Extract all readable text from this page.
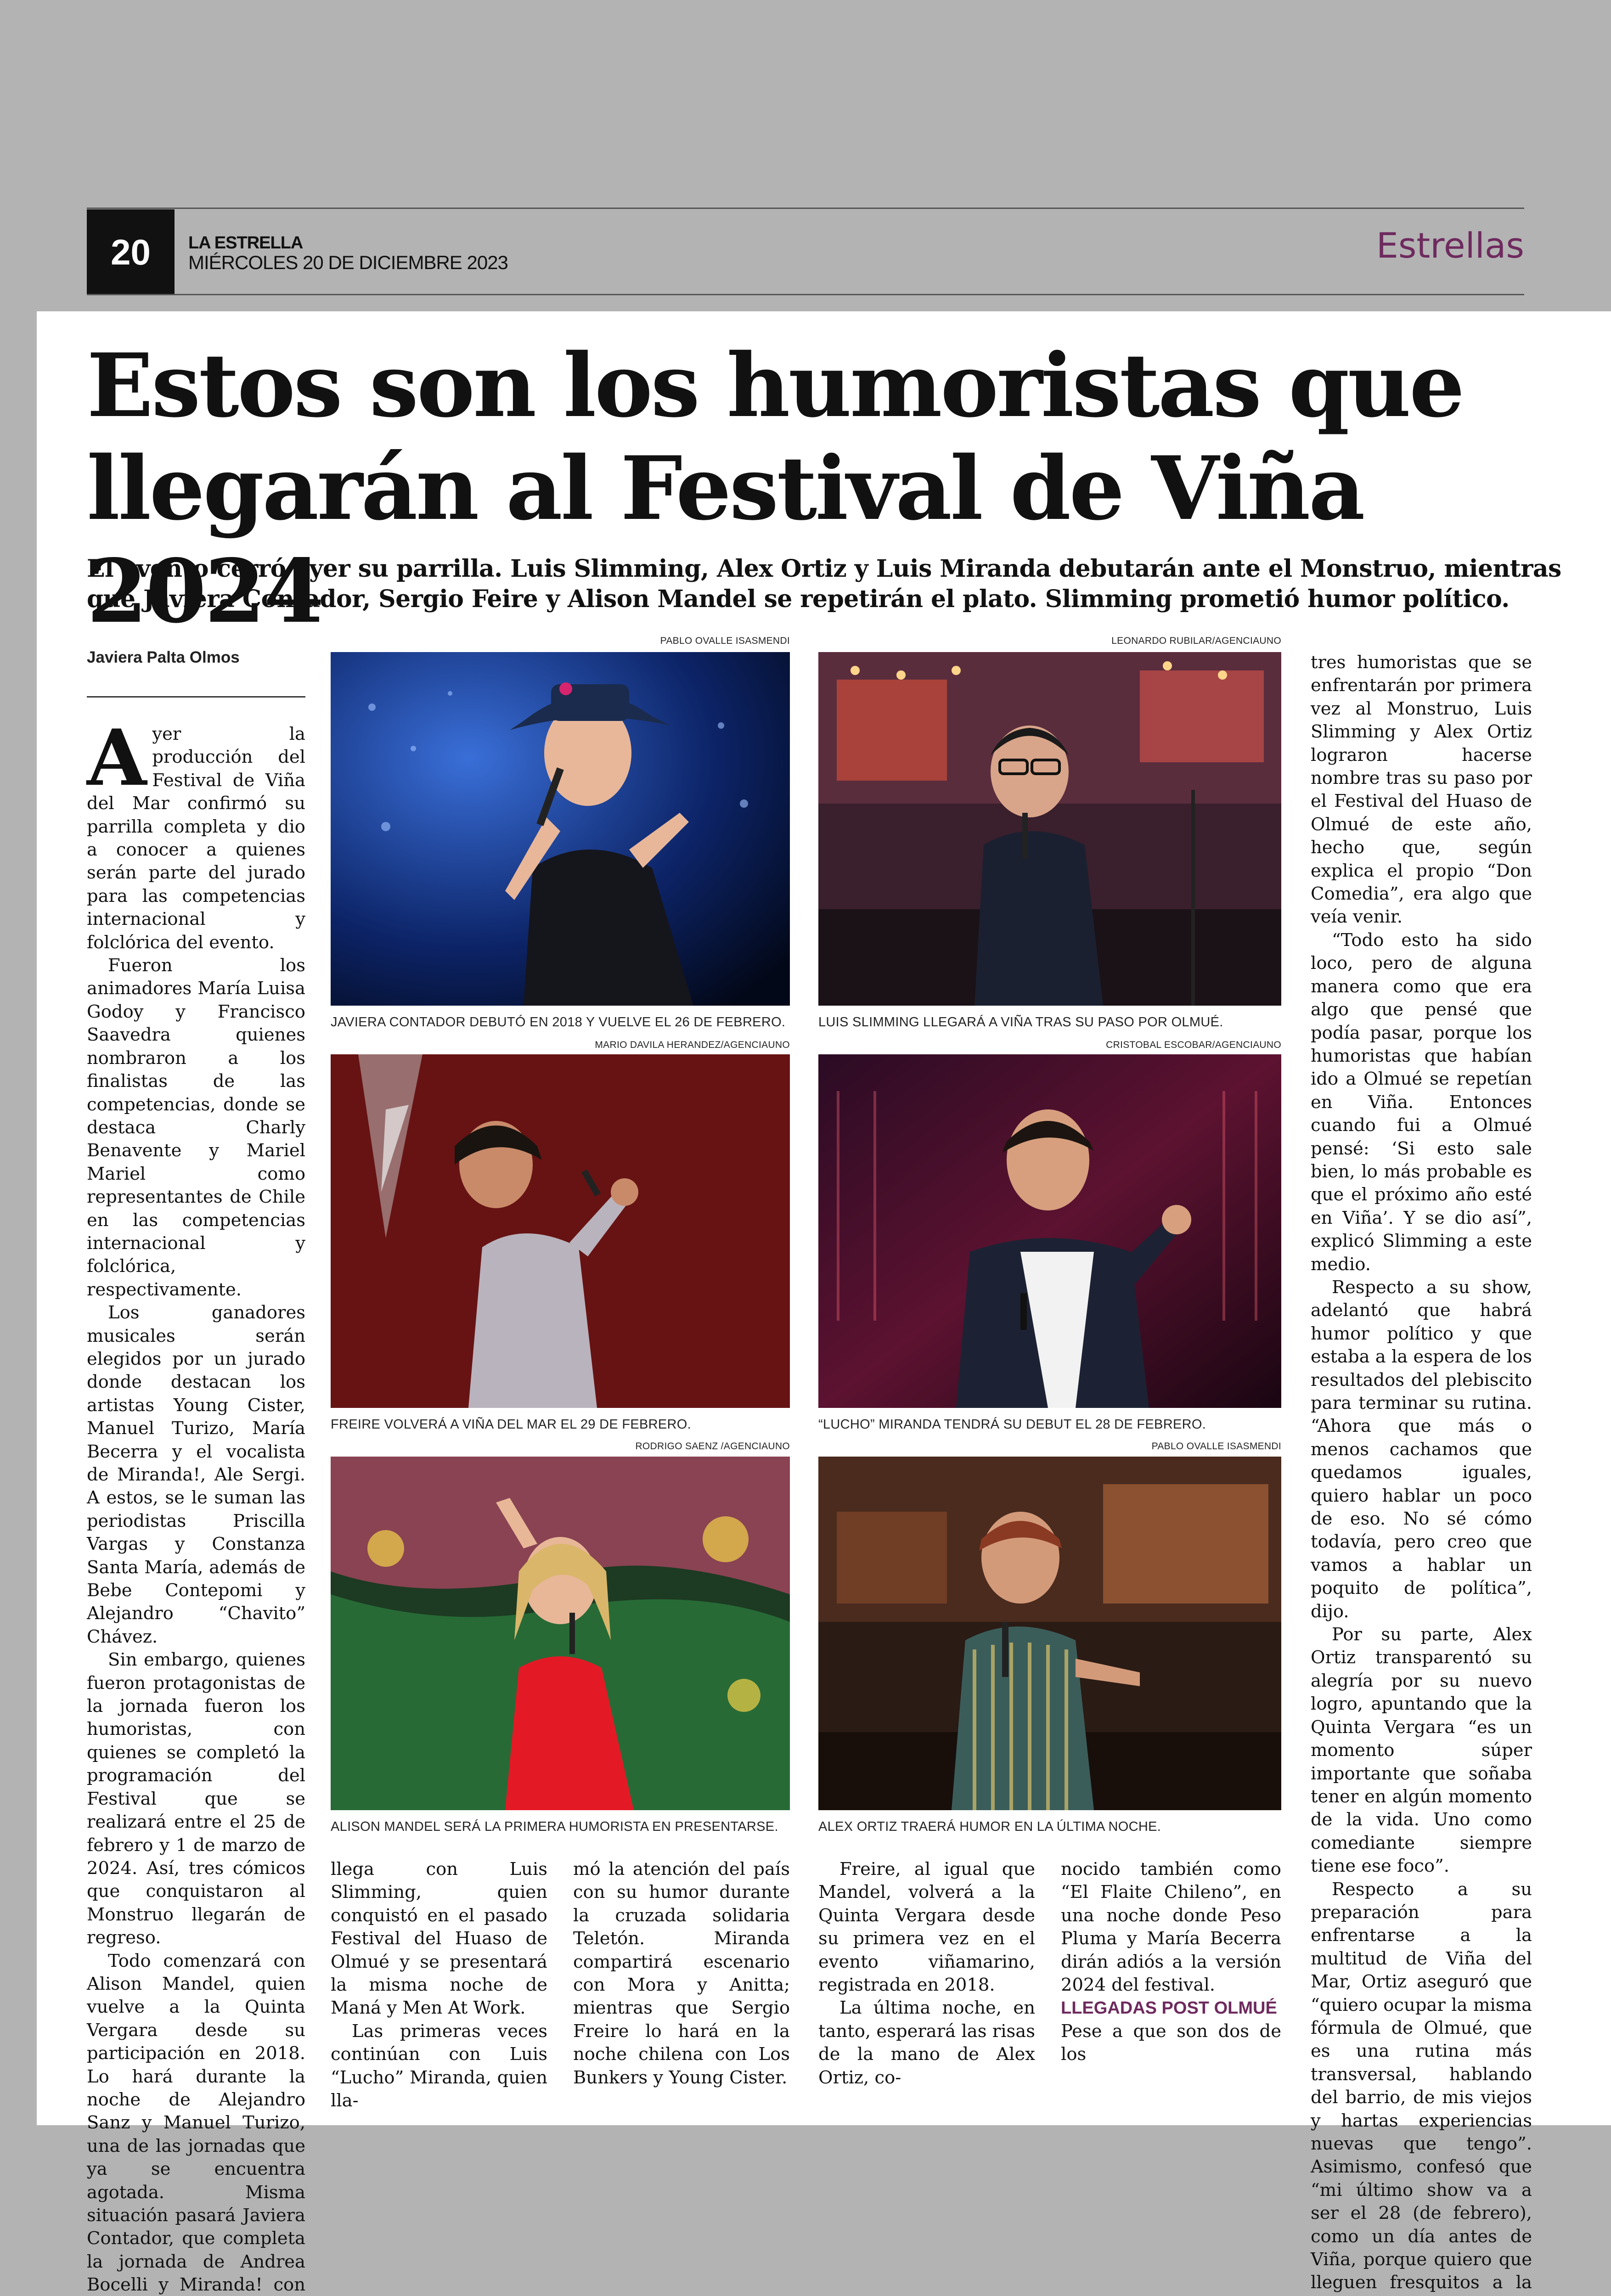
20	LA ESTRELLA
MIÉRCOLES 20 DE DICIEMBRE 2023	Estrellas
Estos son los humoristas que llegarán al Festival de Viña 2024

El evento cerró ayer su parrilla. Luis Slimming, Alex Ortiz y Luis Miranda debutarán ante el Monstruo, mientras que Javiera Contador, Sergio Feire y Alison Mandel se repetirán el plato. Slimming prometió humor político.

Javiera Palta Olmos

Ayer la producción del Festival de Viña del Mar confirmó su parrilla completa y dio a conocer a quienes serán parte del jurado para las competencias internacional y folclórica del evento.

Fueron los animadores María Luisa Godoy y Francisco Saavedra quienes nombraron a los finalistas de las competencias, donde se destaca Charly Benavente y Mariel Mariel como representantes de Chile en las competencias internacional y folclórica, respectivamente.

Los ganadores musicales serán elegidos por un jurado donde destacan los artistas Young Cister, Manuel Turizo, María Becerra y el vocalista de Miranda!, Ale Sergi. A estos, se le suman las periodistas Priscilla Vargas y Constanza Santa María, además de Bebe Contepomi y Alejandro “Chavito” Chávez.

Sin embargo, quienes fueron protagonistas de la jornada fueron los humoristas, con quienes se completó la programación del Festival que se realizará entre el 25 de febrero y 1 de marzo de 2024. Así, tres cómicos que conquistaron al Monstruo llegarán de regreso.

Todo comenzará con Alison Mandel, quien vuelve a la Quinta Vergara desde su participación en 2018. Lo hará durante la noche de Alejandro Sanz y Manuel Turizo, una de las jornadas que ya se encuentra agotada. Misma situación pasará Javiera Contador, que completa la jornada de Andrea Bocelli y Miranda! con

PABLO OVALLE ISASMENDI
JAVIERA CONTADOR DEBUTÓ EN 2018 Y VUELVE EL 26 DE FEBRERO.
LEONARDO RUBILAR/AGENCIAUNO
LUIS SLIMMING LLEGARÁ A VIÑA TRAS SU PASO POR OLMUÉ.
MARIO DAVILA HERANDEZ/AGENCIAUNO
FREIRE VOLVERÁ A VIÑA DEL MAR EL 29 DE FEBRERO.
CRISTOBAL ESCOBAR/AGENCIAUNO
“LUCHO” MIRANDA TENDRÁ SU DEBUT EL 28 DE FEBRERO.
RODRIGO SAENZ /AGENCIAUNO
ALISON MANDEL SERÁ LA PRIMERA HUMORISTA EN PRESENTARSE.
PABLO OVALLE ISASMENDI
ALEX ORTIZ TRAERÁ HUMOR EN LA ÚLTIMA NOCHE.

llega con Luis Slimming, quien conquistó en el pasado Festival del Huaso de Olmué y se presentará la misma noche de Maná y Men At Work.

Las primeras veces continúan con Luis “Lucho” Miranda, quien lla-

mó la atención del país con su humor durante la cruzada solidaria Teletón. Miranda compartirá escenario con Mora y Anitta; mientras que Sergio Freire lo hará en la noche chilena con Los Bunkers y Young Cister.

Freire, al igual que Mandel, volverá a la Quinta Vergara desde su primera vez en el evento viñamarino, registrada en 2018.

La última noche, en tanto, esperará las risas de la mano de Alex Ortiz, co-

nocido también como “El Flaite Chileno”, en una noche donde Peso Pluma y María Becerra dirán adiós a la versión 2024 del festival.

LLEGADAS POST OLMUÉ

Pese a que son dos de los

tres humoristas que se enfrentarán por primera vez al Monstruo, Luis Slimming y Alex Ortiz lograron hacerse nombre tras su paso por el Festival del Huaso de Olmué de este año, hecho que, según explica el propio “Don Comedia”, era algo que veía venir.

“Todo esto ha sido loco, pero de alguna manera como que era algo que pensé que podía pasar, porque los humoristas que habían ido a Olmué se repetían en Viña. Entonces cuando fui a Olmué pensé: ‘Si esto sale bien, lo más probable es que el próximo año esté en Viña’. Y se dio así”, explicó Slimming a este medio.

Respecto a su show, adelantó que habrá humor político y que estaba a la espera de los resultados del plebiscito para terminar su rutina. “Ahora que más o menos cachamos que quedamos iguales, quiero hablar un poco de eso. No sé cómo todavía, pero creo que vamos a hablar un poquito de política”, dijo.

Por su parte, Alex Ortiz transparentó su alegría por su nuevo logro, apuntando que la Quinta Vergara “es un momento súper importante que soñaba tener en algún momento de la vida. Uno como comediante siempre tiene ese foco”.

Respecto a su preparación para enfrentarse a la multitud de Viña del Mar, Ortiz aseguró que “quiero ocupar la misma fórmula de Olmué, que es una rutina más transversal, hablando del barrio, de mis viejos y hartas experiencias nuevas que tengo”. Asimismo, confesó que “mi último show va a ser el 28 (de febrero), como un día antes de Viña, porque quiero que lleguen fresquitos a la
